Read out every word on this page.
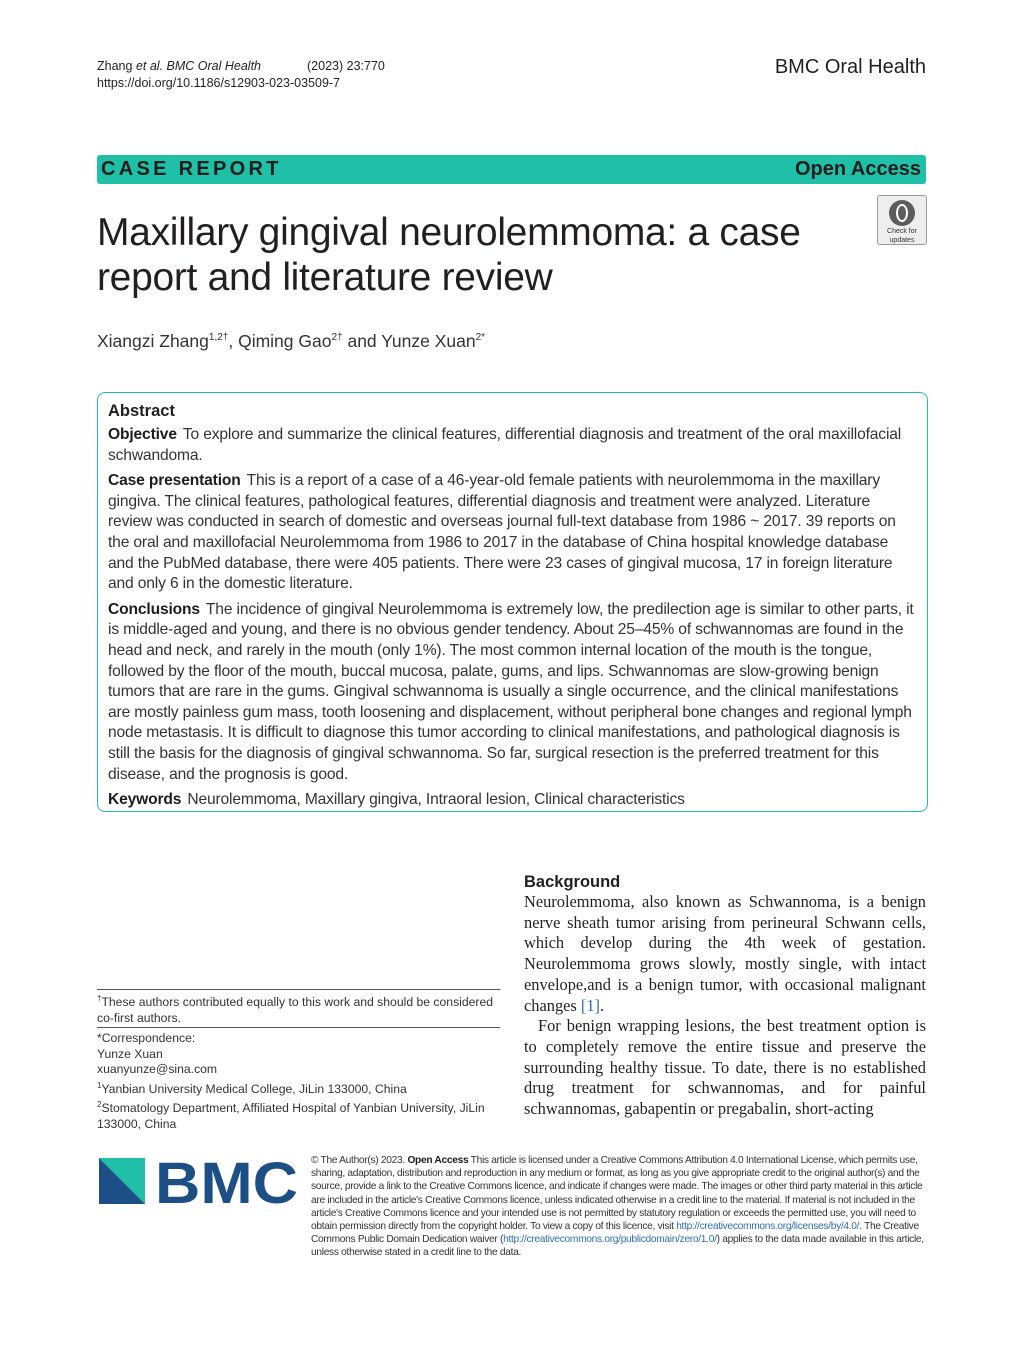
Zhang et al. BMC Oral Health	(2023) 23:770
https://doi.org/10.1186/s12903-023-03509-7
BMC Oral Health
CASE REPORT	Open Access
Maxillary gingival neurolemmoma: a case
report and literature review
Check for
updates
Xiangzi Zhang$^{1,2\dagger}$, Qiming Gao$^{2\dagger}$ and Yunze Xuan$^{2*}$
Abstract

Objective To explore and summarize the clinical features, differential diagnosis and treatment of the oral maxillofacial schwandoma.

Case presentation This is a report of a case of a 46-year-old female patients with neurolemmoma in the maxillary gingiva. The clinical features, pathological features, differential diagnosis and treatment were analyzed. Literature review was conducted in search of domestic and overseas journal full-text database from 1986 ~ 2017. 39 reports on the oral and maxillofacial Neurolemmoma from 1986 to 2017 in the database of China hospital knowledge database and the PubMed database, there were 405 patients. There were 23 cases of gingival mucosa, 17 in foreign literature and only 6 in the domestic literature.

Conclusions The incidence of gingival Neurolemmoma is extremely low, the predilection age is similar to other parts, it is middle-aged and young, and there is no obvious gender tendency. About 25–45% of schwannomas are found in the head and neck, and rarely in the mouth (only 1%). The most common internal location of the mouth is the tongue, followed by the floor of the mouth, buccal mucosa, palate, gums, and lips. Schwannomas are slow-growing benign tumors that are rare in the gums. Gingival schwannoma is usually a single occurrence, and the clinical manifestations are mostly painless gum mass, tooth loosening and displacement, without peripheral bone changes and regional lymph node metastasis. It is difficult to diagnose this tumor according to clinical manifestations, and pathological diagnosis is still the basis for the diagnosis of gingival schwannoma. So far, surgical resection is the preferred treatment for this disease, and the prognosis is good.

Keywords Neurolemmoma, Maxillary gingiva, Intraoral lesion, Clinical characteristics

Background

Neurolemmoma, also known as Schwannoma, is a benign nerve sheath tumor arising from perineural Schwann cells, which develop during the 4th week of gestation. Neurolemmoma grows slowly, mostly single, with intact envelope,and is a benign tumor, with occasional malignant changes [1].

For benign wrapping lesions, the best treatment option is to completely remove the entire tissue and preserve the surrounding healthy tissue. To date, there is no established drug treatment for schwannomas, and for painful schwannomas, gabapentin or pregabalin, short-acting

†These authors contributed equally to this work and should be considered co-first authors.
*Correspondence:
Yunze Xuan
xuanyunze@sina.com
$^1$Yanbian University Medical College, JiLin 133000, China
$^2$Stomatology Department, Affiliated Hospital of Yanbian University, JiLin 133000, China
BMC © The Author(s) 2023. Open Access This article is licensed under a Creative Commons Attribution 4.0 International License, which permits use, sharing, adaptation, distribution and reproduction in any medium or format, as long as you give appropriate credit to the original author(s) and the source, provide a link to the Creative Commons licence, and indicate if changes were made. The images or other third party material in this article are included in the article's Creative Commons licence, unless indicated otherwise in a credit line to the material. If material is not included in the article's Creative Commons licence and your intended use is not permitted by statutory regulation or exceeds the permitted use, you will need to obtain permission directly from the copyright holder. To view a copy of this licence, visit http://creativecommons.org/licenses/by/4.0/. The Creative Commons Public Domain Dedication waiver (http://creativecommons.org/publicdomain/zero/1.0/) applies to the data made available in this article, unless otherwise stated in a credit line to the data.
